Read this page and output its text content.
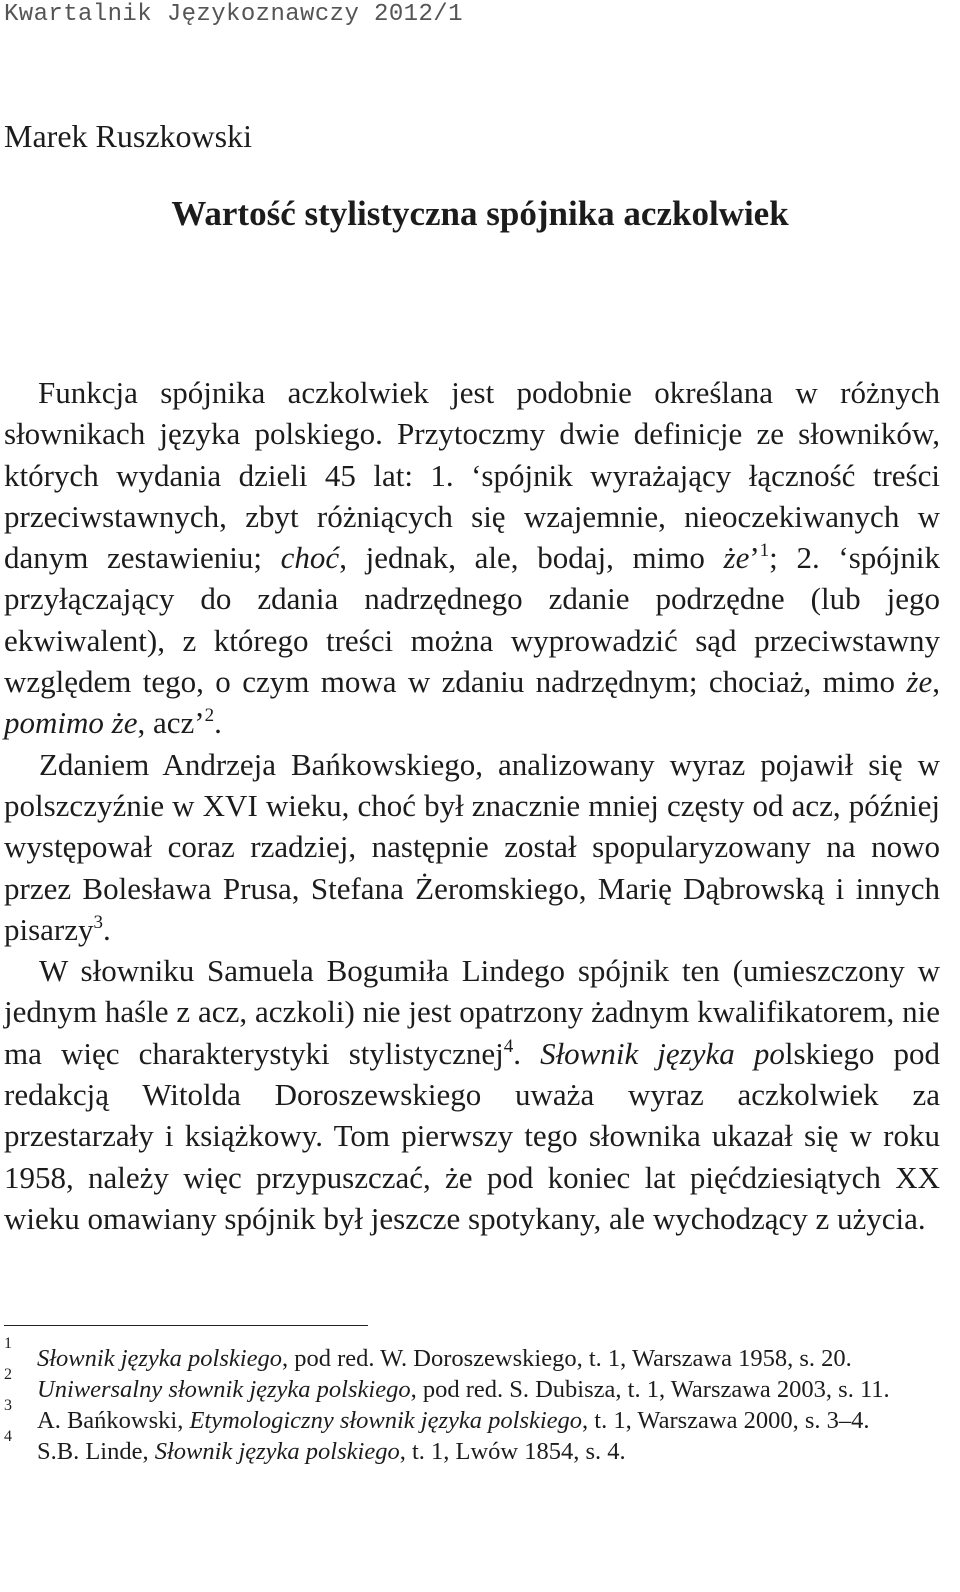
Kwartalnik Językoznawczy 2012/1
Marek Ruszkowski
Wartość stylistyczna spójnika aczkolwiek

Funkcja spójnika aczkolwiek jest podobnie określana w różnych słownikach języka polskiego. Przytoczmy dwie definicje ze słowników, których wydania dzieli 45 lat: 1. ‘spójnik wyrażający łączność treści przeciwstawnych, zbyt różniących się wzajemnie, nieoczekiwanych w danym zestawieniu; choć, jednak, ale, bodaj, mimo że’$^1$; 2. ‘spójnik przyłączający do zdania nadrzędnego zdanie podrzędne (lub jego ekwiwalent), z którego treści można wyprowadzić sąd przeciwstawny względem tego, o czym mowa w zdaniu nadrzędnym; chociaż, mimo że, pomimo że, acz’$^2$.

Zdaniem Andrzeja Bańkowskiego, analizowany wyraz pojawił się w polszczyźnie w XVI wieku, choć był znacznie mniej częsty od acz, później występował coraz rzadziej, następnie został spopularyzowany na nowo przez Bolesława Prusa, Stefana Żeromskiego, Marię Dąbrowską i innych pisarzy$^3$.

W słowniku Samuela Bogumiła Lindego spójnik ten (umieszczony w jednym haśle z acz, aczkoli) nie jest opatrzony żadnym kwalifikatorem, nie ma więc charakterystyki stylistycznej$^4$. Słownik języka polskiego pod redakcją Witolda Doroszewskiego uważa wyraz aczkolwiek za przestarzały i książkowy. Tom pierwszy tego słownika ukazał się w roku 1958, należy więc przypuszczać, że pod koniec lat pięćdziesiątych XX wieku omawiany spójnik był jeszcze spotykany, ale wychodzący z użycia.

1
Słownik języka polskiego, pod red. W. Doroszewskiego, t. 1, Warszawa 1958, s. 20.
2
Uniwersalny słownik języka polskiego, pod red. S. Dubisza, t. 1, Warszawa 2003, s. 11.
3
A. Bańkowski, Etymologiczny słownik języka polskiego, t. 1, Warszawa 2000, s. 3–4.
4
S.B. Linde, Słownik języka polskiego, t. 1, Lwów 1854, s. 4.
